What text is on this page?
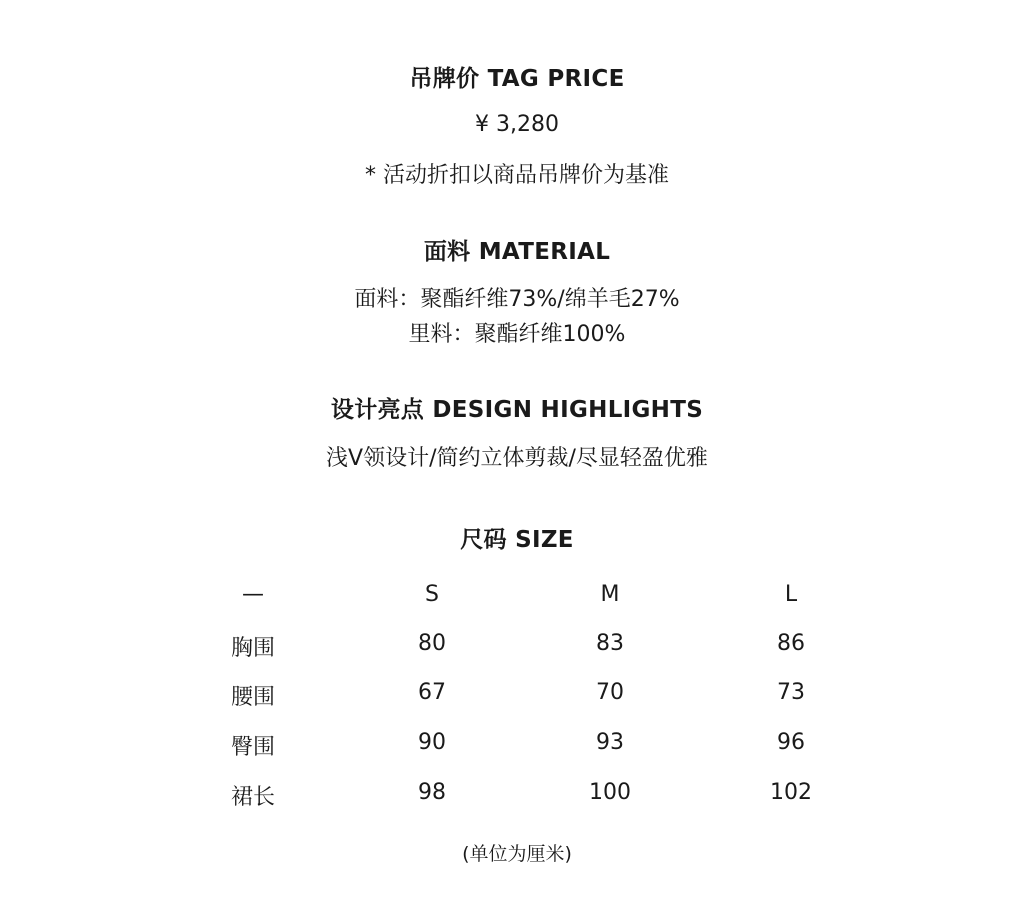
吊牌价 TAG PRICE
¥ 3,280
* 活动折扣以商品吊牌价为基准
面料 MATERIAL
面料：聚酯纤维73%/绵羊毛27%
里料：聚酯纤维100%
设计亮点 DESIGN HIGHLIGHTS
浅V领设计/简约立体剪裁/尽显轻盈优雅
尺码 SIZE
—	S	M	L
胸围	80	83	86
腰围	67	70	73
臀围	90	93	96
裙长	98	100	102
(单位为厘米)
